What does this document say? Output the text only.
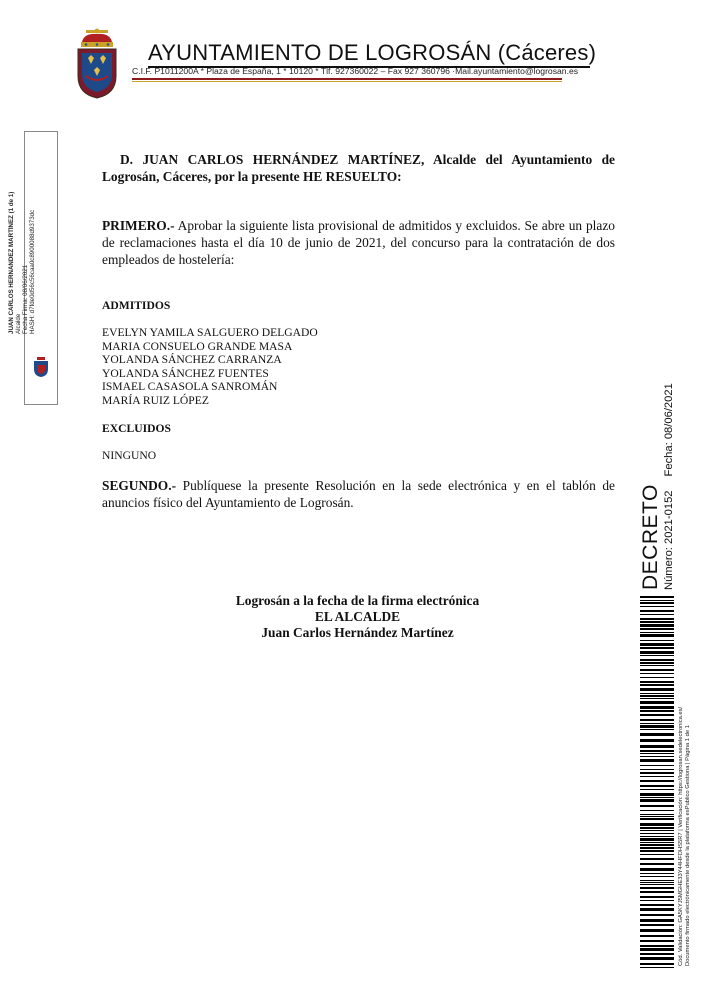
AYUNTAMIENTO DE LOGROSÁN (Cáceres)
C.I.F. P1011200A * Plaza de España, 1 * 10120 * Tlf. 927360022 – Fax 927 360796 ·Mail.ayuntamiento@logrosan.es
JUAN CARLOS HERNÁNDEZ MARTÍNEZ (1 de 1) Alcalde Fecha Firma: 08/06/2021 HASH: d7fde0d56c56caa0c8900088d9373dc
D. JUAN CARLOS HERNÁNDEZ MARTÍNEZ, Alcalde del Ayuntamiento de Logrosán, Cáceres, por la presente HE RESUELTO:
PRIMERO.- Aprobar la siguiente lista provisional de admitidos y excluidos. Se abre un plazo de reclamaciones hasta el día 10 de junio de 2021, del concurso para la contratación de dos empleados de hostelería:
ADMITIDOS
EVELYN YAMILA SALGUERO DELGADO
MARIA CONSUELO GRANDE MASA
YOLANDA SÁNCHEZ CARRANZA
YOLANDA SÁNCHEZ FUENTES
ISMAEL CASASOLA SANROMÁN
MARÍA RUIZ LÓPEZ
EXCLUIDOS
NINGUNO
SEGUNDO.- Publíquese la presente Resolución en la sede electrónica y en el tablón de anuncios físico del Ayuntamiento de Logrosán.
Logrosán a la fecha de la firma electrónica
EL ALCALDE
Juan Carlos Hernández Martínez
DECRETO Número: 2021-0152Fecha: 08/06/2021
Cód. Validación: GA5KYJ5MGHE33Y44HFDHS5R7 | Verificación: https://logrosan.sedelectronica.es/ Documento firmado electrónicamente desde la plataforma esPublico Gestiona | Página 1 de 1
